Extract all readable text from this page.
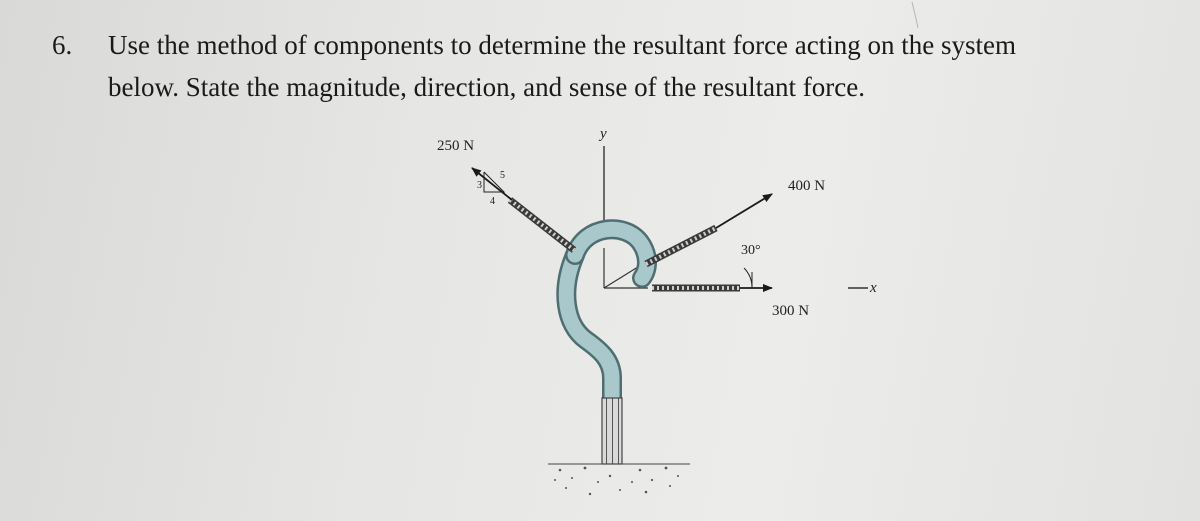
6. Use the method of components to determine the resultant force acting on the system
below. State the magnitude, direction, and sense of the resultant force.
y
x
3
4
5
250 N
400 N
300 N
30°
